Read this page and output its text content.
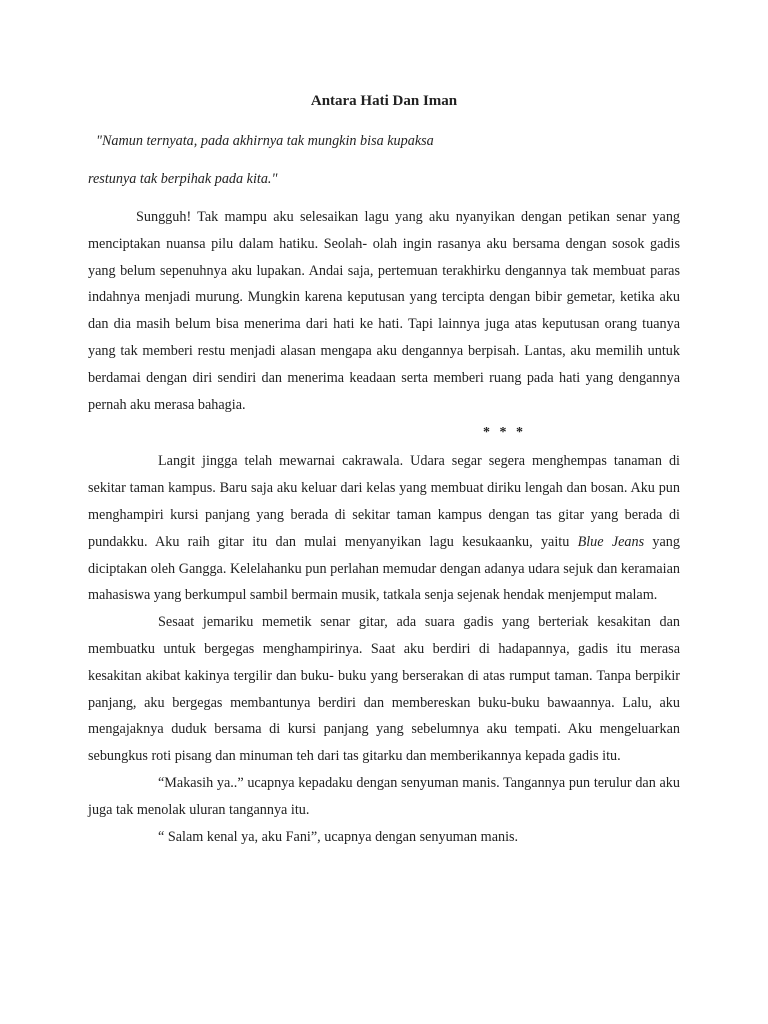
Antara Hati Dan Iman

"Namun ternyata, pada akhirnya tak mungkin bisa kupaksa

restunya tak berpihak pada kita."

Sungguh! Tak mampu aku selesaikan lagu yang aku nyanyikan dengan petikan senar yang menciptakan nuansa pilu dalam hatiku. Seolah- olah ingin rasanya aku bersama dengan sosok gadis yang belum sepenuhnya aku lupakan. Andai saja, pertemuan terakhirku dengannya tak membuat paras indahnya menjadi murung. Mungkin karena keputusan yang tercipta dengan bibir gemetar, ketika aku dan dia masih belum bisa menerima dari hati ke hati. Tapi lainnya juga atas keputusan orang tuanya yang tak memberi restu menjadi alasan mengapa aku dengannya berpisah. Lantas, aku memilih untuk berdamai dengan diri sendiri dan menerima keadaan serta memberi ruang pada hati yang dengannya pernah aku merasa bahagia.

* * *

Langit jingga telah mewarnai cakrawala. Udara segar segera menghempas tanaman di sekitar taman kampus. Baru saja aku keluar dari kelas yang membuat diriku lengah dan bosan. Aku pun menghampiri kursi panjang yang berada di sekitar taman kampus dengan tas gitar yang berada di pundakku. Aku raih gitar itu dan mulai menyanyikan lagu kesukaanku, yaitu Blue Jeans yang diciptakan oleh Gangga. Kelelahanku pun perlahan memudar dengan adanya udara sejuk dan keramaian mahasiswa yang berkumpul sambil bermain musik, tatkala senja sejenak hendak menjemput malam.

Sesaat jemariku memetik senar gitar, ada suara gadis yang berteriak kesakitan dan membuatku untuk bergegas menghampirinya. Saat aku berdiri di hadapannya, gadis itu merasa kesakitan akibat kakinya tergilir dan buku- buku yang berserakan di atas rumput taman. Tanpa berpikir panjang, aku bergegas membantunya berdiri dan membereskan buku-buku bawaannya. Lalu, aku mengajaknya duduk bersama di kursi panjang yang sebelumnya aku tempati. Aku mengeluarkan sebungkus roti pisang dan minuman teh dari tas gitarku dan memberikannya kepada gadis itu.

“Makasih ya..” ucapnya kepadaku dengan senyuman manis. Tangannya pun terulur dan aku juga tak menolak uluran tangannya itu.

“ Salam kenal ya, aku Fani”, ucapnya dengan senyuman manis.
